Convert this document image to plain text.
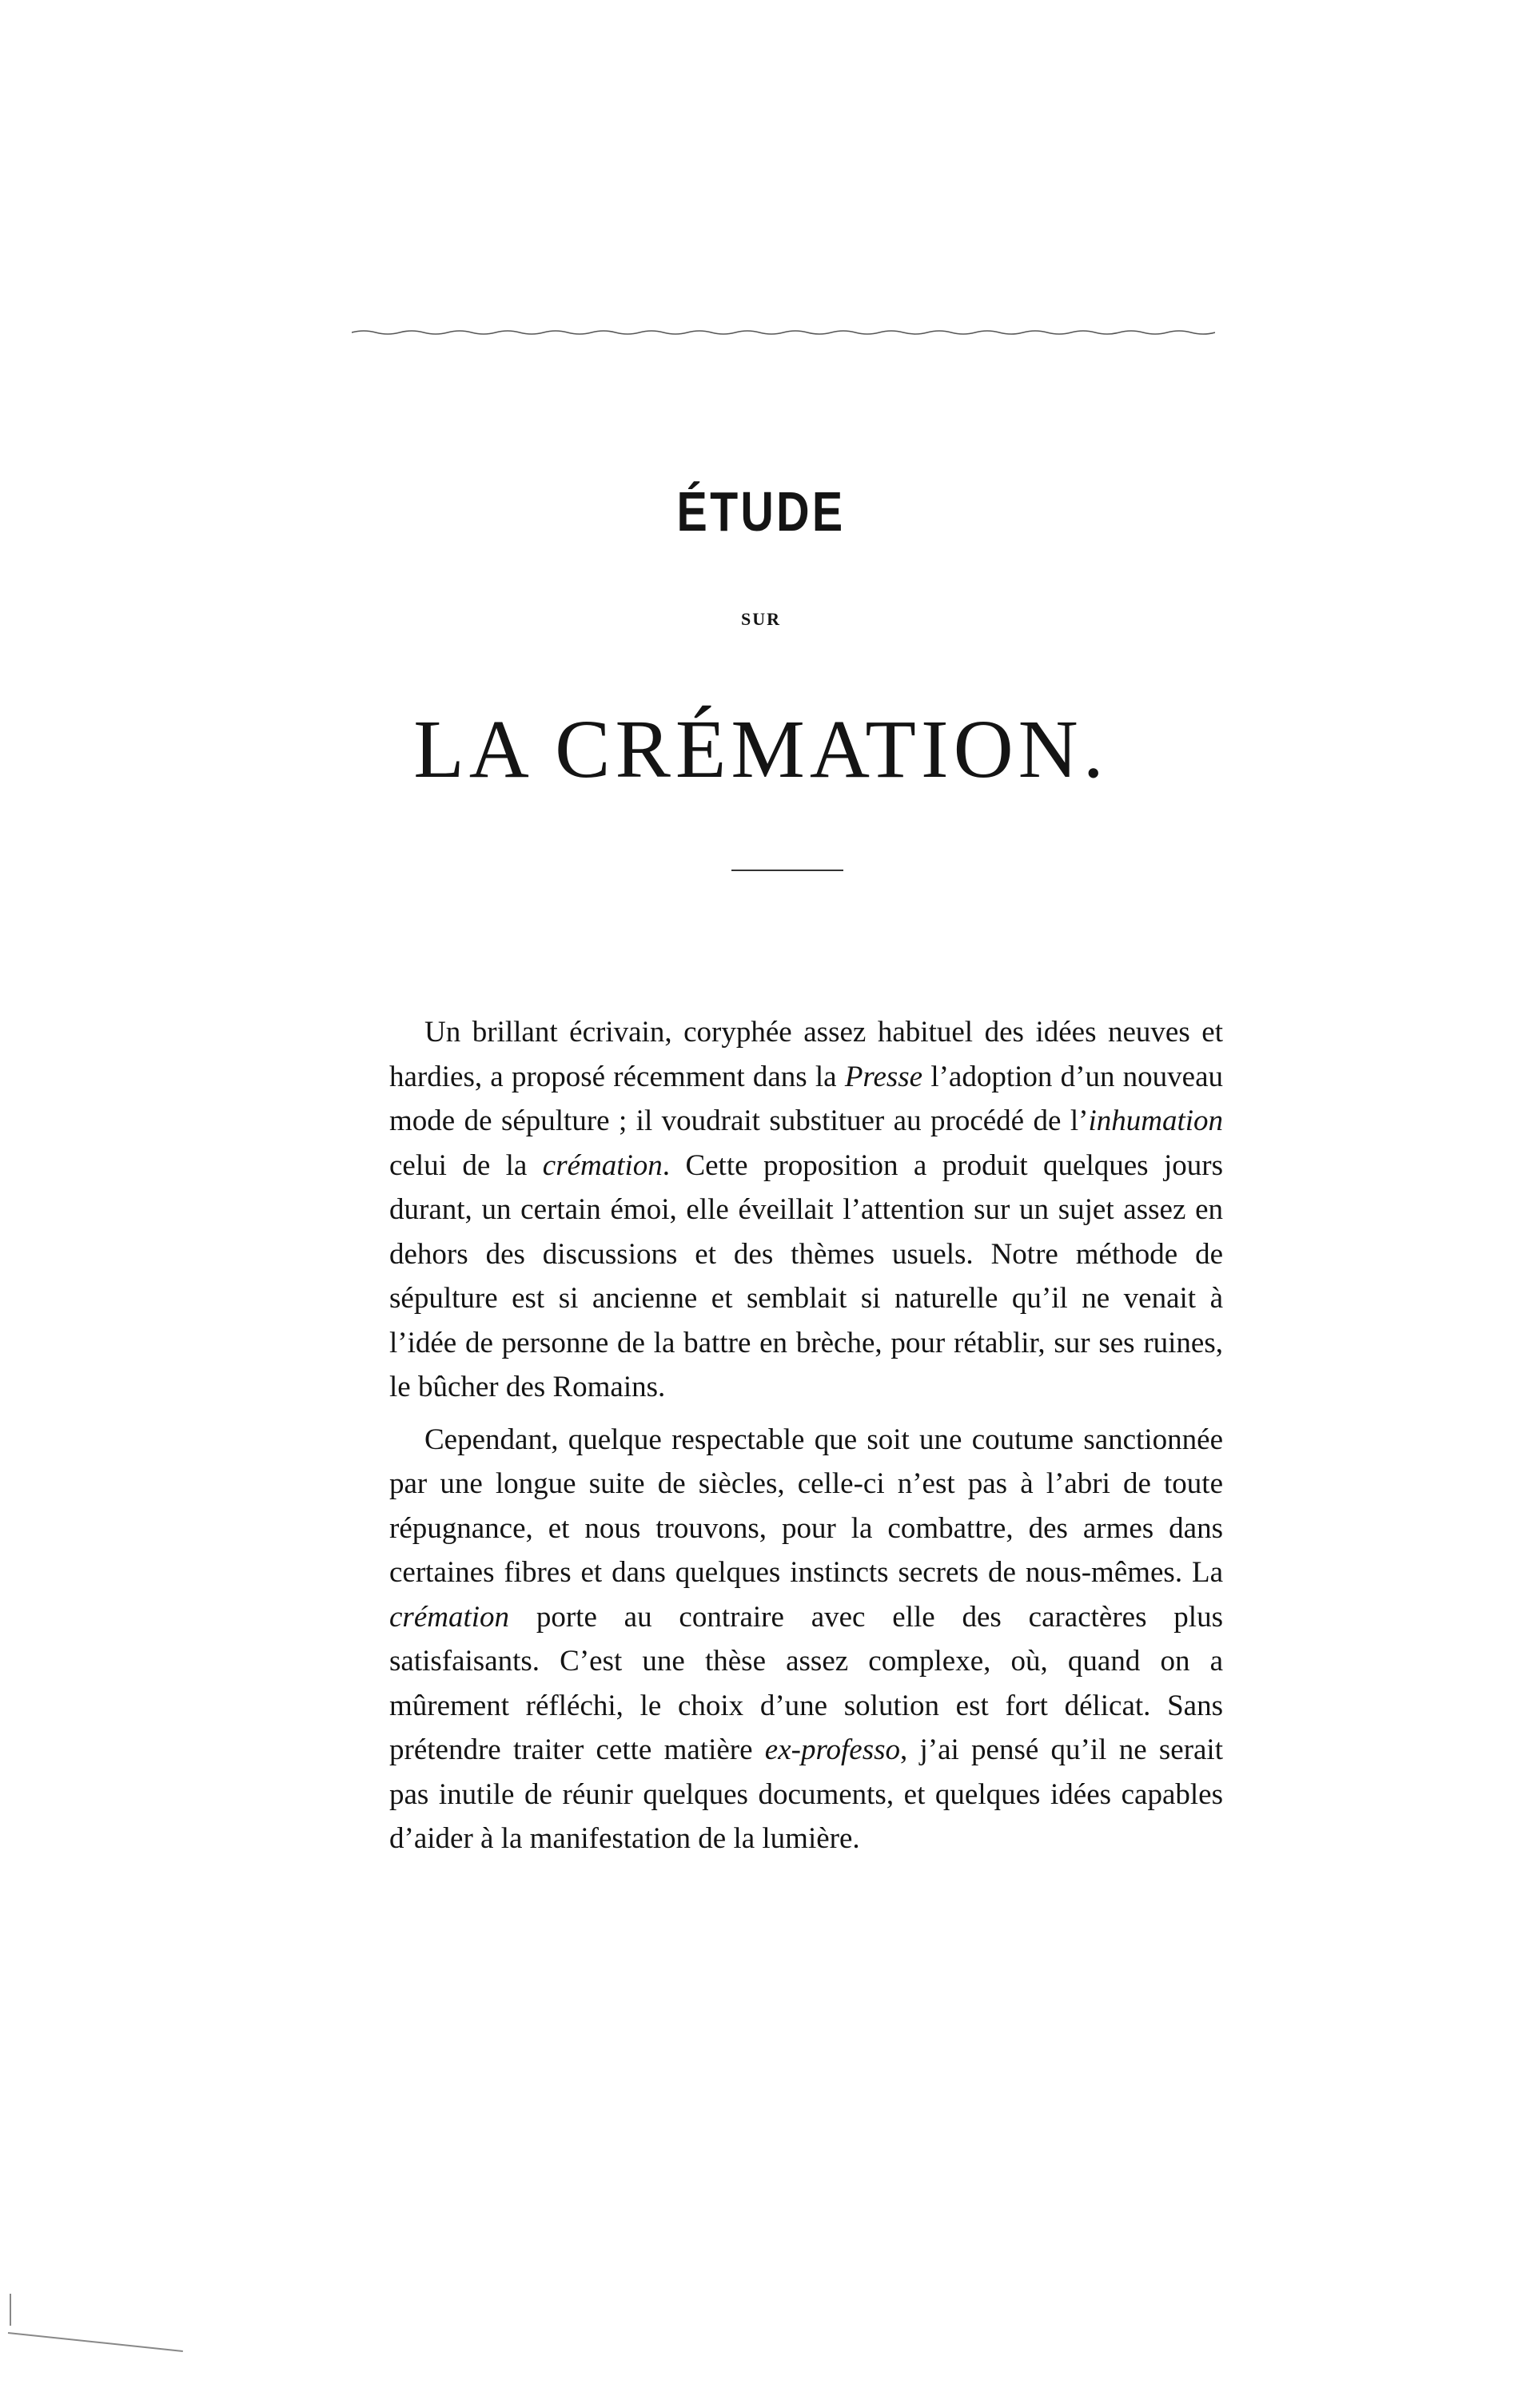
ÉTUDE
SUR
LA CRÉMATION.

Un brillant écrivain, coryphée assez habituel des idées neuves et hardies, a proposé récemment dans la Presse l’adoption d’un nouveau mode de sépulture ; il voudrait substituer au procédé de l’inhumation celui de la crémation. Cette proposition a produit quelques jours durant, un certain émoi, elle éveillait l’attention sur un sujet assez en dehors des discussions et des thèmes usuels. Notre méthode de sépulture est si ancienne et semblait si naturelle qu’il ne venait à l’idée de personne de la battre en brèche, pour rétablir, sur ses ruines, le bûcher des Romains.

Cependant, quelque respectable que soit une coutume sanctionnée par une longue suite de siècles, celle-ci n’est pas à l’abri de toute répugnance, et nous trouvons, pour la combattre, des armes dans certaines fibres et dans quelques instincts secrets de nous-mêmes. La crémation porte au contraire avec elle des caractères plus satisfaisants. C’est une thèse assez complexe, où, quand on a mûrement réfléchi, le choix d’une solution est fort délicat. Sans prétendre traiter cette matière ex-professo, j’ai pensé qu’il ne serait pas inutile de réunir quelques documents, et quelques idées capables d’aider à la manifestation de la lumière.
